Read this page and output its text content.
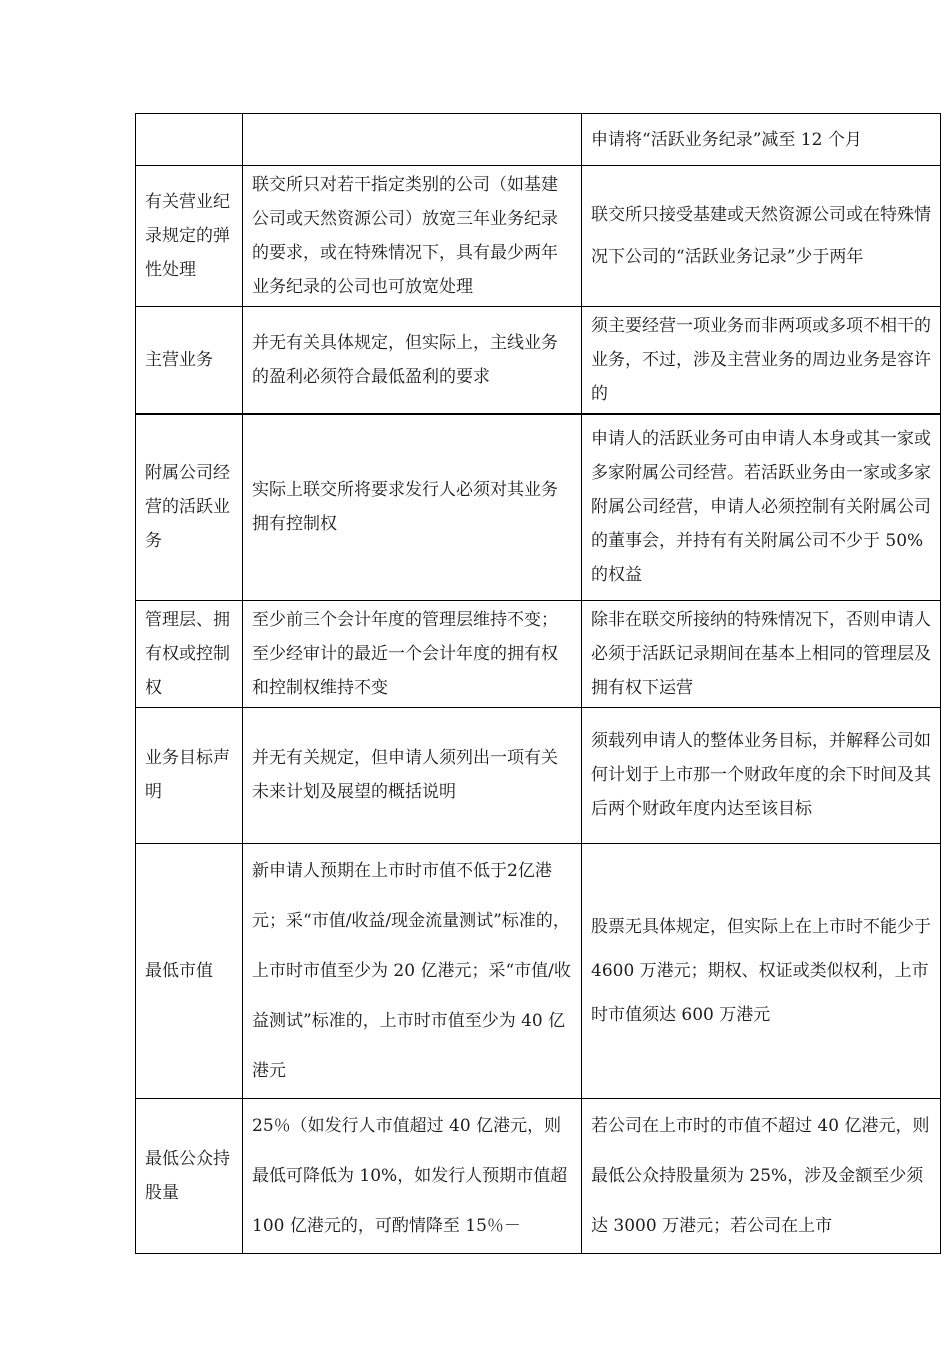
		申请将“活跃业务纪录”减至 12 个月
有关营业纪录规定的弹性处理	联交所只对若干指定类别的公司（如基建公司或天然资源公司）放宽三年业务纪录的要求，或在特殊情况下，具有最少两年业务纪录的公司也可放宽处理	联交所只接受基建或天然资源公司或在特殊情况下公司的“活跃业务记录”少于两年
主营业务	并无有关具体规定，但实际上，主线业务的盈利必须符合最低盈利的要求	须主要经营一项业务而非两项或多项不相干的业务，不过，涉及主营业务的周边业务是容许的
附属公司经营的活跃业务	实际上联交所将要求发行人必须对其业务拥有控制权	申请人的活跃业务可由申请人本身或其一家或多家附属公司经营。若活跃业务由一家或多家附属公司经营，申请人必须控制有关附属公司的董事会，并持有有关附属公司不少于 50%的权益
管理层、拥有权或控制权	至少前三个会计年度的管理层维持不变；至少经审计的最近一个会计年度的拥有权和控制权维持不变	除非在联交所接纳的特殊情况下，否则申请人必须于活跃记录期间在基本上相同的管理层及拥有权下运营
业务目标声明	并无有关规定，但申请人须列出一项有关未来计划及展望的概括说明	须载列申请人的整体业务目标，并解释公司如何计划于上市那一个财政年度的余下时间及其后两个财政年度内达至该目标
最低市值	新申请人预期在上市时市值不低于2亿港元；采“市值/收益/现金流量测试”标准的，上市时市值至少为 20 亿港元；采“市值/收益测试”标准的，上市时市值至少为 40 亿港元	股票无具体规定，但实际上在上市时不能少于 4600 万港元；期权、权证或类似权利，上市时市值须达 600 万港元
最低公众持股量	25％（如发行人市值超过 40 亿港元，则最低可降低为 10%，如发行人预期市值超 100 亿港元的，可酌情降至 15％－	若公司在上市时的市值不超过 40 亿港元，则最低公众持股量须为 25%，涉及金额至少须达 3000 万港元；若公司在上市
